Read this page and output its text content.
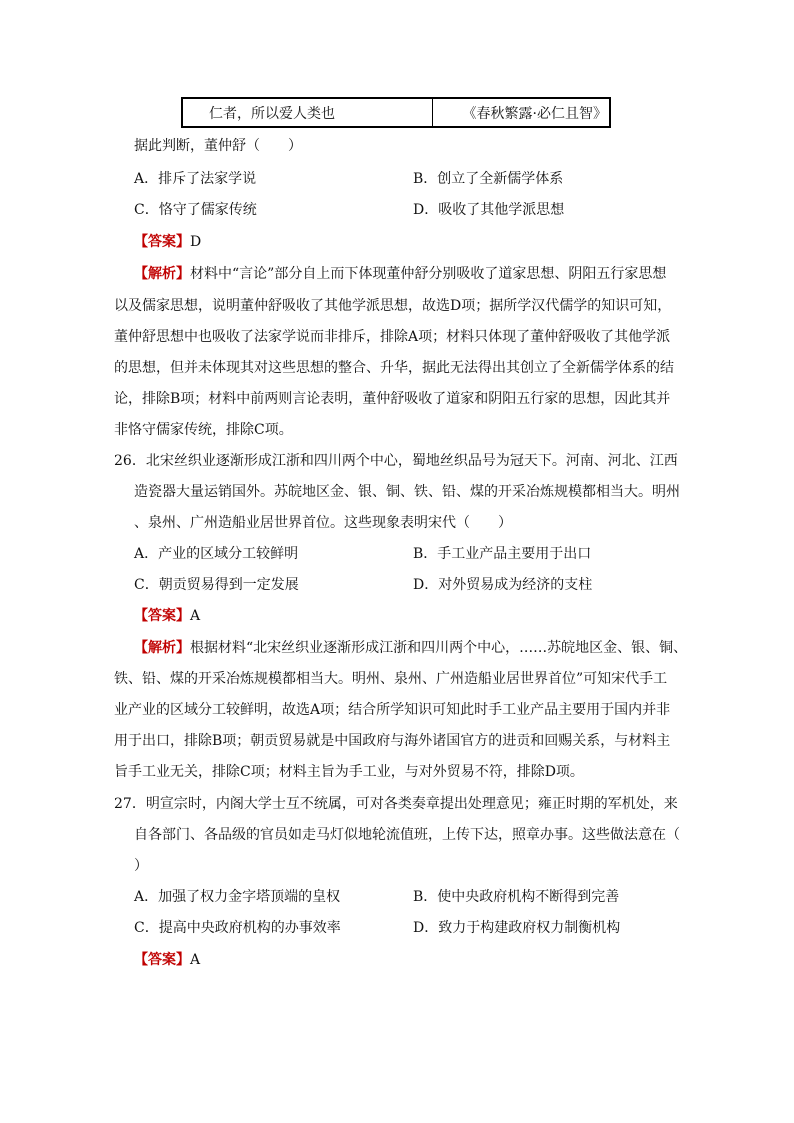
仁者，所以爱人类也	《春秋繁露·必仁且智》
据此判断，董仲舒（　　）
A．排斥了法家学说	B．创立了全新儒学体系
C．恪守了儒家传统	D．吸收了其他学派思想
【答案】D
【解析】材料中“言论”部分自上而下体现董仲舒分别吸收了道家思想、阴阳五行家思想
以及儒家思想，说明董仲舒吸收了其他学派思想，故选D项；据所学汉代儒学的知识可知，
董仲舒思想中也吸收了法家学说而非排斥，排除A项；材料只体现了董仲舒吸收了其他学派
的思想，但并未体现其对这些思想的整合、升华，据此无法得出其创立了全新儒学体系的结
论，排除B项；材料中前两则言论表明，董仲舒吸收了道家和阴阳五行家的思想，因此其并
非恪守儒家传统，排除C项。
26．北宋丝织业逐渐形成江浙和四川两个中心，蜀地丝织品号为冠天下。河南、河北、江西
造瓷器大量运销国外。苏皖地区金、银、铜、铁、铅、煤的开采冶炼规模都相当大。明州
、泉州、广州造船业居世界首位。这些现象表明宋代（　　）
A．产业的区域分工较鲜明	B．手工业产品主要用于出口
C．朝贡贸易得到一定发展	D．对外贸易成为经济的支柱
【答案】A
【解析】根据材料“北宋丝织业逐渐形成江浙和四川两个中心，……苏皖地区金、银、铜、
铁、铅、煤的开采冶炼规模都相当大。明州、泉州、广州造船业居世界首位”可知宋代手工
业产业的区域分工较鲜明，故选A项；结合所学知识可知此时手工业产品主要用于国内并非
用于出口，排除B项；朝贡贸易就是中国政府与海外诸国官方的进贡和回赐关系，与材料主
旨手工业无关，排除C项；材料主旨为手工业，与对外贸易不符，排除D项。
27．明宣宗时，内阁大学士互不统属，可对各类奏章提出处理意见；雍正时期的军机处，来
自各部门、各品级的官员如走马灯似地轮流值班，上传下达，照章办事。这些做法意在（
）
A．加强了权力金字塔顶端的皇权	B．使中央政府机构不断得到完善
C．提高中央政府机构的办事效率	D．致力于构建政府权力制衡机构
【答案】A
